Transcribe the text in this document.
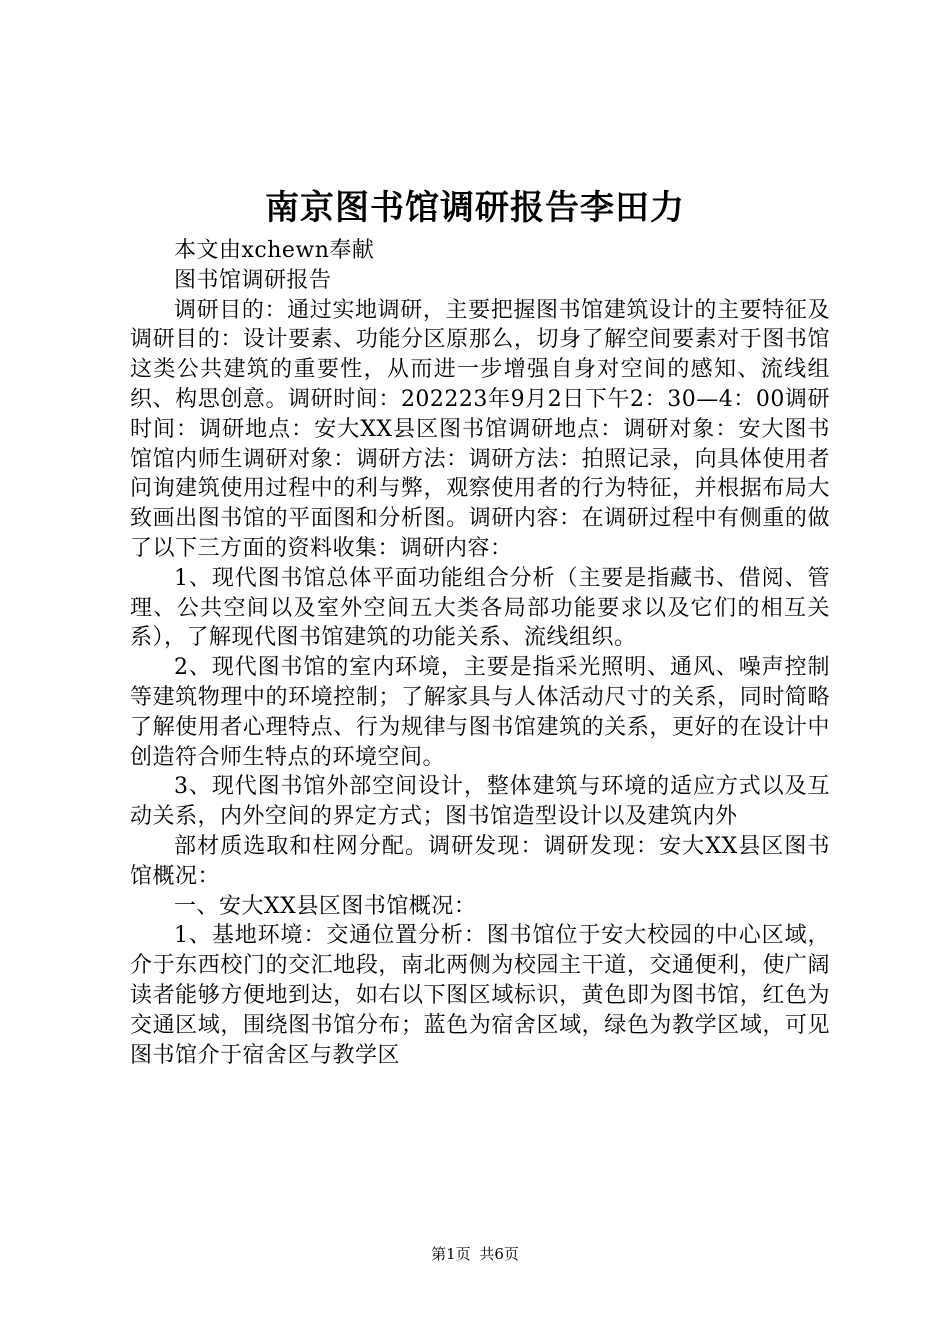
南京图书馆调研报告李田力

本文由xchewn奉献

图书馆调研报告

调研目的：通过实地调研，主要把握图书馆建筑设计的主要特征及调研目的：设计要素、功能分区原那么，切身了解空间要素对于图书馆这类公共建筑的重要性，从而进一步增强自身对空间的感知、流线组织、构思创意。调研时间：202223年9月2日下午2：30—4：00调研时间：调研地点：安大XX县区图书馆调研地点：调研对象：安大图书馆馆内师生调研对象：调研方法：调研方法：拍照记录，向具体使用者问询建筑使用过程中的利与弊，观察使用者的行为特征，并根据布局大致画出图书馆的平面图和分析图。调研内容：在调研过程中有侧重的做了以下三方面的资料收集：调研内容：

1、现代图书馆总体平面功能组合分析（主要是指藏书、借阅、管理、公共空间以及室外空间五大类各局部功能要求以及它们的相互关系），了解现代图书馆建筑的功能关系、流线组织。

2、现代图书馆的室内环境，主要是指采光照明、通风、噪声控制等建筑物理中的环境控制；了解家具与人体活动尺寸的关系，同时简略了解使用者心理特点、行为规律与图书馆建筑的关系，更好的在设计中创造符合师生特点的环境空间。

3、现代图书馆外部空间设计，整体建筑与环境的适应方式以及互动关系，内外空间的界定方式；图书馆造型设计以及建筑内外

部材质选取和柱网分配。调研发现：调研发现：安大XX县区图书馆概况：

一、安大XX县区图书馆概况：

1、基地环境：交通位置分析：图书馆位于安大校园的中心区域，介于东西校门的交汇地段，南北两侧为校园主干道，交通便利，使广阔读者能够方便地到达，如右以下图区域标识，黄色即为图书馆，红色为交通区域，围绕图书馆分布；蓝色为宿舍区域，绿色为教学区域，可见图书馆介于宿舍区与教学区

第1页 共6页
